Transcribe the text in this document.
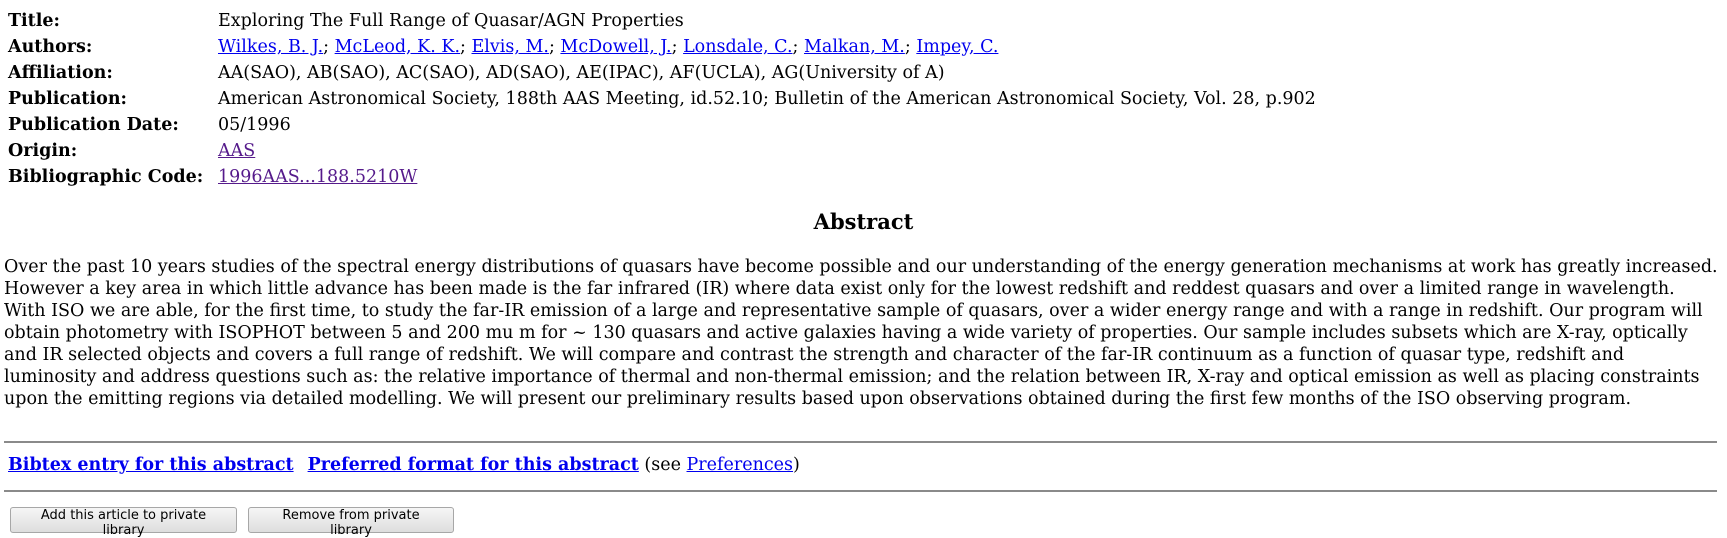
Title:	Exploring The Full Range of Quasar/AGN Properties
Authors:	Wilkes, B. J.; McLeod, K. K.; Elvis, M.; McDowell, J.; Lonsdale, C.; Malkan, M.; Impey, C.
Affiliation:	AA(SAO), AB(SAO), AC(SAO), AD(SAO), AE(IPAC), AF(UCLA), AG(University of A)
Publication:	American Astronomical Society, 188th AAS Meeting, id.52.10; Bulletin of the American Astronomical Society, Vol. 28, p.902
Publication Date:	05/1996
Origin:	AAS
Bibliographic Code:	1996AAS...188.5210W
Abstract

Over the past 10 years studies of the spectral energy distributions of quasars have become possible and our understanding of the energy generation mechanisms at work has greatly increased. However a key area in which little advance has been made is the far infrared (IR) where data exist only for the lowest redshift and reddest quasars and over a limited range in wavelength. With ISO we are able, for the first time, to study the far-IR emission of a large and representative sample of quasars, over a wider energy range and with a range in redshift. Our program will obtain photometry with ISOPHOT between 5 and 200 mu m for ~ 130 quasars and active galaxies having a wide variety of properties. Our sample includes subsets which are X-ray, optically and IR selected objects and covers a full range of redshift. We will compare and contrast the strength and character of the far-IR continuum as a function of quasar type, redshift and luminosity and address questions such as: the relative importance of thermal and non-thermal emission; and the relation between IR, X-ray and optical emission as well as placing constraints upon the emitting regions via detailed modelling. We will present our preliminary results based upon observations obtained during the first few months of the ISO observing program.

Bibtex entry for this abstract Preferred format for this abstract (see Preferences)
Add this article to private library
Remove from private library
